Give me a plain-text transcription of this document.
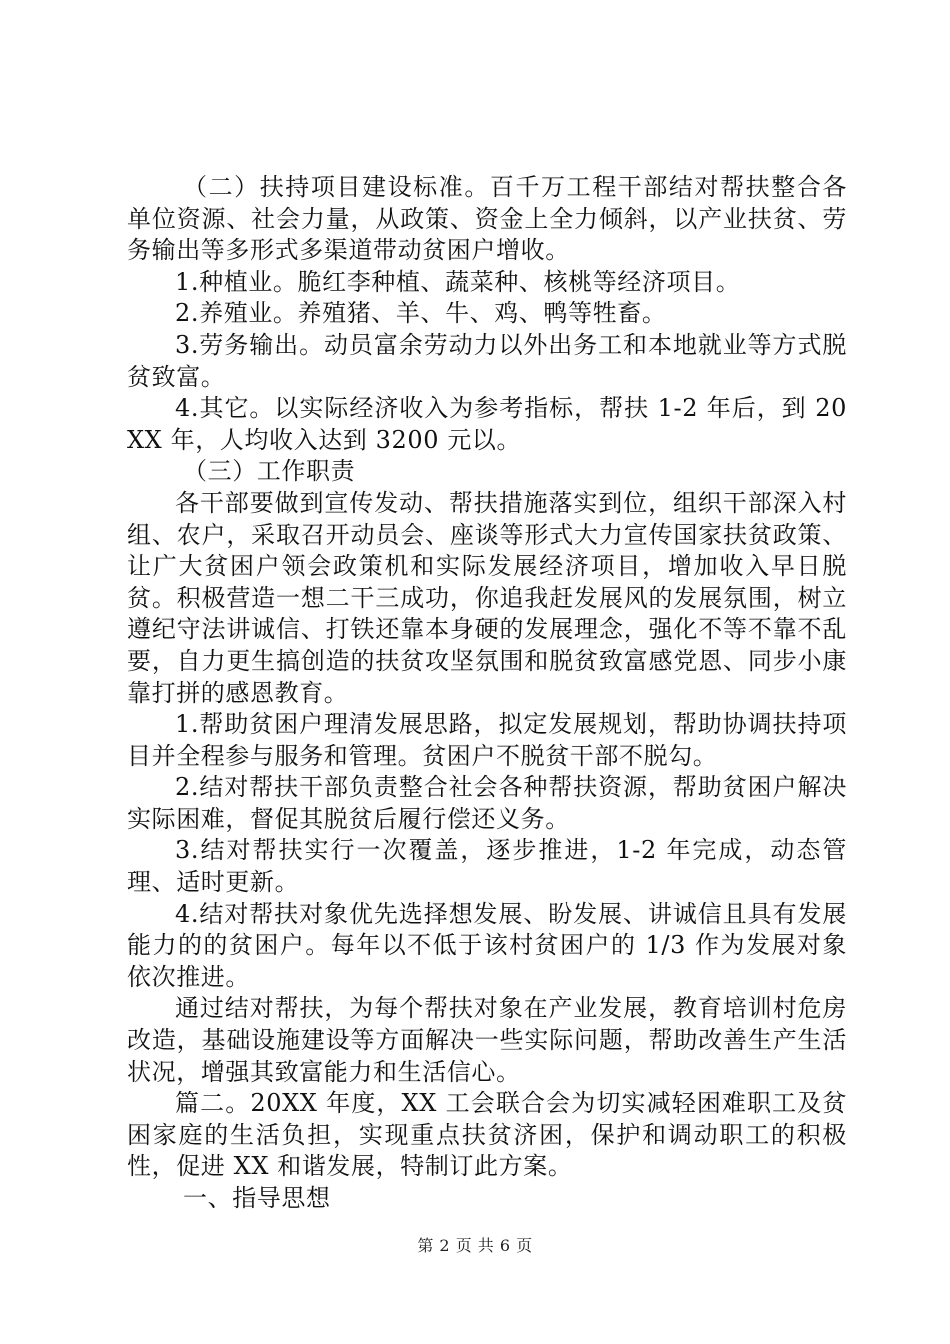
（二）扶持项目建设标准。百千万工程干部结对帮扶整合各单位资源、社会力量，从政策、资金上全力倾斜，以产业扶贫、劳务输出等多形式多渠道带动贫困户增收。

1.种植业。脆红李种植、蔬菜种、核桃等经济项目。

2.养殖业。养殖猪、羊、牛、鸡、鸭等牲畜。

3.劳务输出。动员富余劳动力以外出务工和本地就业等方式脱贫致富。

4.其它。以实际经济收入为参考指标，帮扶 1-2 年后，到 20XX 年，人均收入达到 3200 元以。

（三）工作职责

各干部要做到宣传发动、帮扶措施落实到位，组织干部深入村组、农户，采取召开动员会、座谈等形式大力宣传国家扶贫政策、让广大贫困户领会政策机和实际发展经济项目，增加收入早日脱贫。积极营造一想二干三成功，你追我赶发展风的发展氛围，树立遵纪守法讲诚信、打铁还靠本身硬的发展理念，强化不等不靠不乱要，自力更生搞创造的扶贫攻坚氛围和脱贫致富感党恩、同步小康靠打拼的感恩教育。

1.帮助贫困户理清发展思路，拟定发展规划，帮助协调扶持项目并全程参与服务和管理。贫困户不脱贫干部不脱勾。

2.结对帮扶干部负责整合社会各种帮扶资源，帮助贫困户解决实际困难，督促其脱贫后履行偿还义务。

3.结对帮扶实行一次覆盖，逐步推进，1-2 年完成，动态管理、适时更新。

4.结对帮扶对象优先选择想发展、盼发展、讲诚信且具有发展能力的的贫困户。每年以不低于该村贫困户的 1/3 作为发展对象依次推进。

通过结对帮扶，为每个帮扶对象在产业发展，教育培训村危房改造，基础设施建设等方面解决一些实际问题，帮助改善生产生活状况，增强其致富能力和生活信心。

篇二。20XX 年度，XX 工会联合会为切实减轻困难职工及贫困家庭的生活负担，实现重点扶贫济困，保护和调动职工的积极性，促进 XX 和谐发展，特制订此方案。

一、指导思想

第 2 页 共 6 页
